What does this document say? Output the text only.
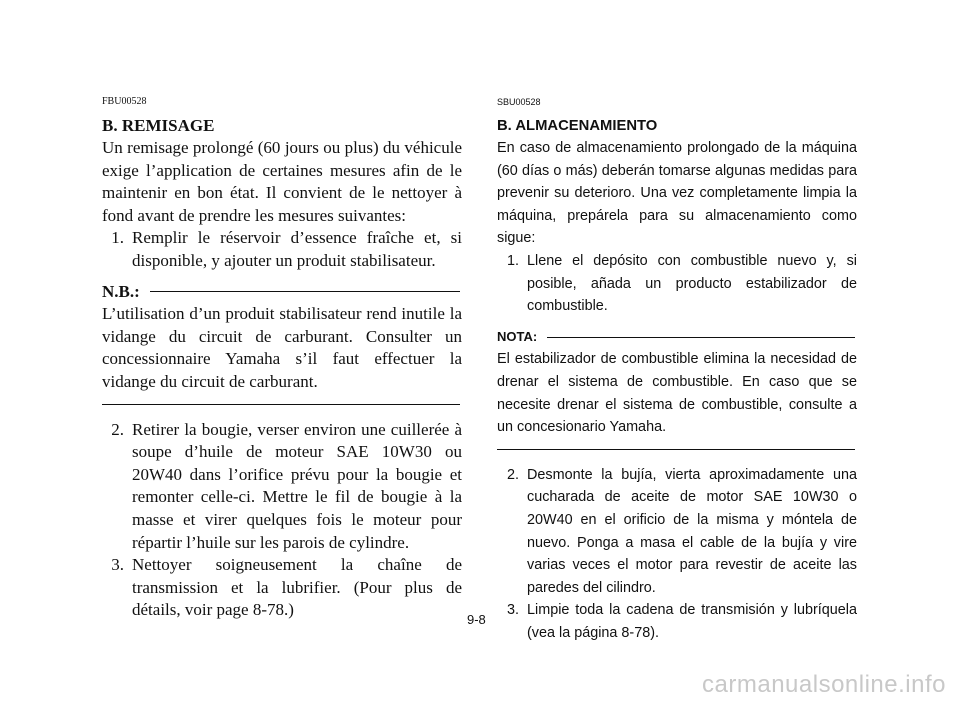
FBU00528
B. REMISAGE

Un remisage prolongé (60 jours ou plus) du véhicule exige l’application de certaines mesures afin de le maintenir en bon état. Il convient de le nettoyer à fond avant de prendre les mesures suivantes:

1. Remplir le réservoir d’essence fraîche et, si disponible, y ajouter un produit stabilisateur.
N.B.:

L’utilisation d’un produit stabilisateur rend inutile la vidange du circuit de carburant. Consulter un concessionnaire Yamaha s’il faut effectuer la vidange du circuit de carburant.

2. Retirer la bougie, verser environ une cuillerée à soupe d’huile de moteur SAE 10W30 ou 20W40 dans l’orifice prévu pour la bougie et remonter celle-ci. Mettre le fil de bougie à la masse et virer quelques fois le moteur pour répartir l’huile sur les parois de cylindre.
3. Nettoyer soigneusement la chaîne de transmission et la lubrifier. (Pour plus de détails, voir page 8-78.)
SBU00528
B. ALMACENAMIENTO

En caso de almacenamiento prolongado de la máquina (60 días o más) deberán tomarse algunas medidas para prevenir su deterioro. Una vez completamente limpia la máquina, prepárela para su almacenamiento como sigue:

1. Llene el depósito con combustible nuevo y, si posible, añada un producto estabilizador de combustible.
NOTA:

El estabilizador de combustible elimina la necesidad de drenar el sistema de combustible. En caso que se necesite drenar el sistema de combustible, consulte a un concesionario Yamaha.

2. Desmonte la bujía, vierta aproximadamente una cucharada de aceite de motor SAE 10W30 o 20W40 en el orificio de la misma y móntela de nuevo. Ponga a masa el cable de la bujía y vire varias veces el motor para revestir de aceite las paredes del cilindro.
3. Limpie toda la cadena de transmisión y lubríquela (vea la página 8-78).
9-8
carmanualsonline.info
